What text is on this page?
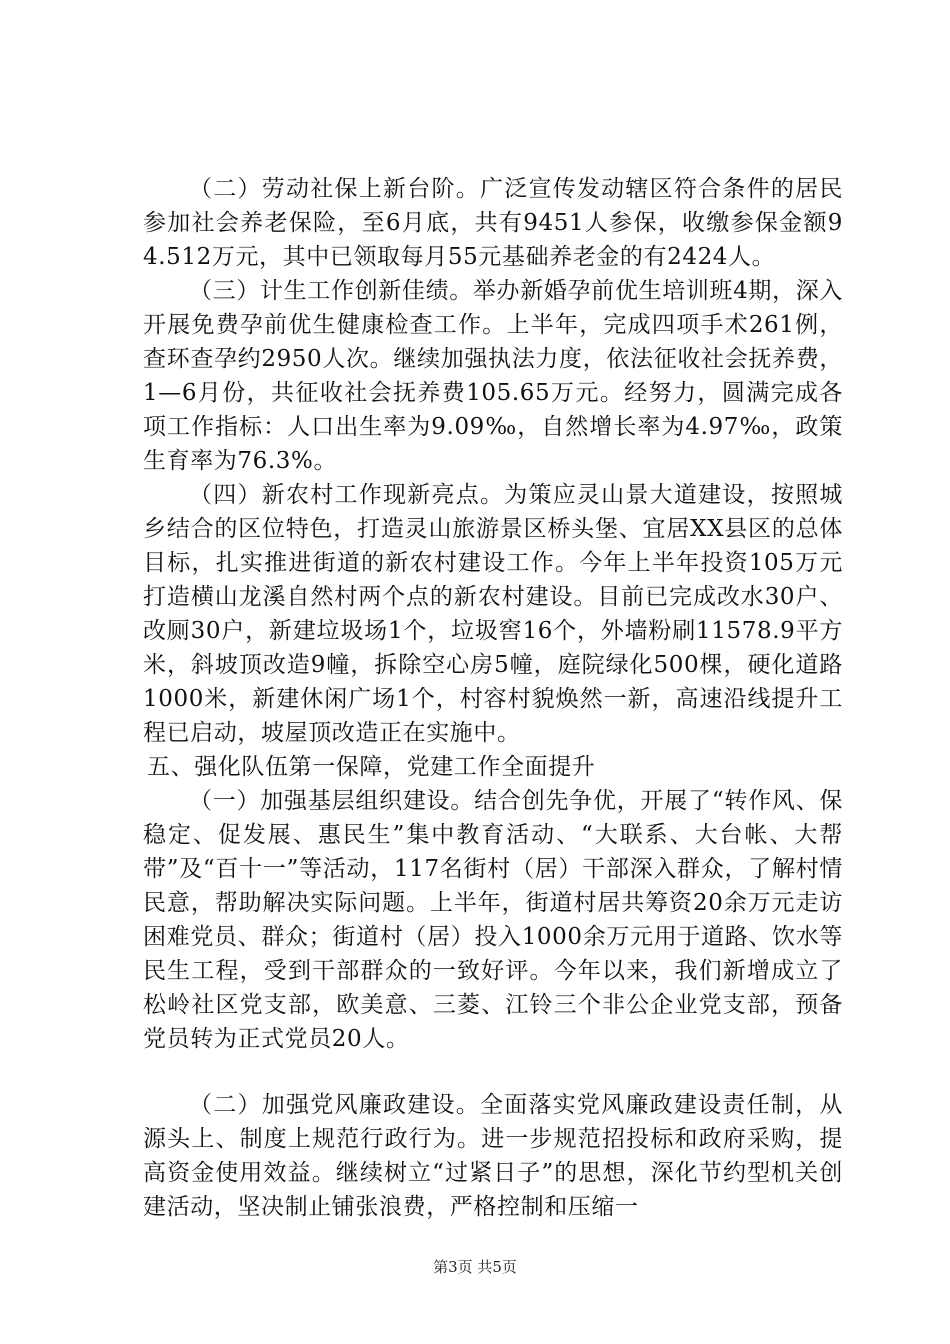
（二）劳动社保上新台阶。广泛宣传发动辖区符合条件的居民参加社会养老保险，至6月底，共有9451人参保，收缴参保金额94.512万元，其中已领取每月55元基础养老金的有2424人。

（三）计生工作创新佳绩。举办新婚孕前优生培训班4期，深入开展免费孕前优生健康检查工作。上半年，完成四项手术261例，查环查孕约2950人次。继续加强执法力度，依法征收社会抚养费，1—6月份，共征收社会抚养费105.65万元。经努力，圆满完成各项工作指标：人口出生率为9.09‰，自然增长率为4.97‰，政策生育率为76.3%。

（四）新农村工作现新亮点。为策应灵山景大道建设，按照城乡结合的区位特色，打造灵山旅游景区桥头堡、宜居XX县区的总体目标，扎实推进街道的新农村建设工作。今年上半年投资105万元打造横山龙溪自然村两个点的新农村建设。目前已完成改水30户、改厕30户，新建垃圾场1个，垃圾窖16个，外墙粉刷11578.9平方米，斜坡顶改造9幢，拆除空心房5幢，庭院绿化500棵，硬化道路1000米，新建休闲广场1个，村容村貌焕然一新，高速沿线提升工程已启动，坡屋顶改造正在实施中。

五、强化队伍第一保障，党建工作全面提升

（一）加强基层组织建设。结合创先争优，开展了“转作风、保稳定、促发展、惠民生”集中教育活动、“大联系、大台帐、大帮带”及“百十一”等活动，117名街村（居）干部深入群众，了解村情民意，帮助解决实际问题。上半年，街道村居共筹资20余万元走访困难党员、群众；街道村（居）投入1000余万元用于道路、饮水等民生工程，受到干部群众的一致好评。今年以来，我们新增成立了松岭社区党支部，欧美意、三菱、江铃三个非公企业党支部，预备党员转为正式党员20人。

（二）加强党风廉政建设。全面落实党风廉政建设责任制，从源头上、制度上规范行政行为。进一步规范招投标和政府采购，提高资金使用效益。继续树立“过紧日子”的思想，深化节约型机关创建活动，坚决制止铺张浪费，严格控制和压缩一

第3页 共5页
